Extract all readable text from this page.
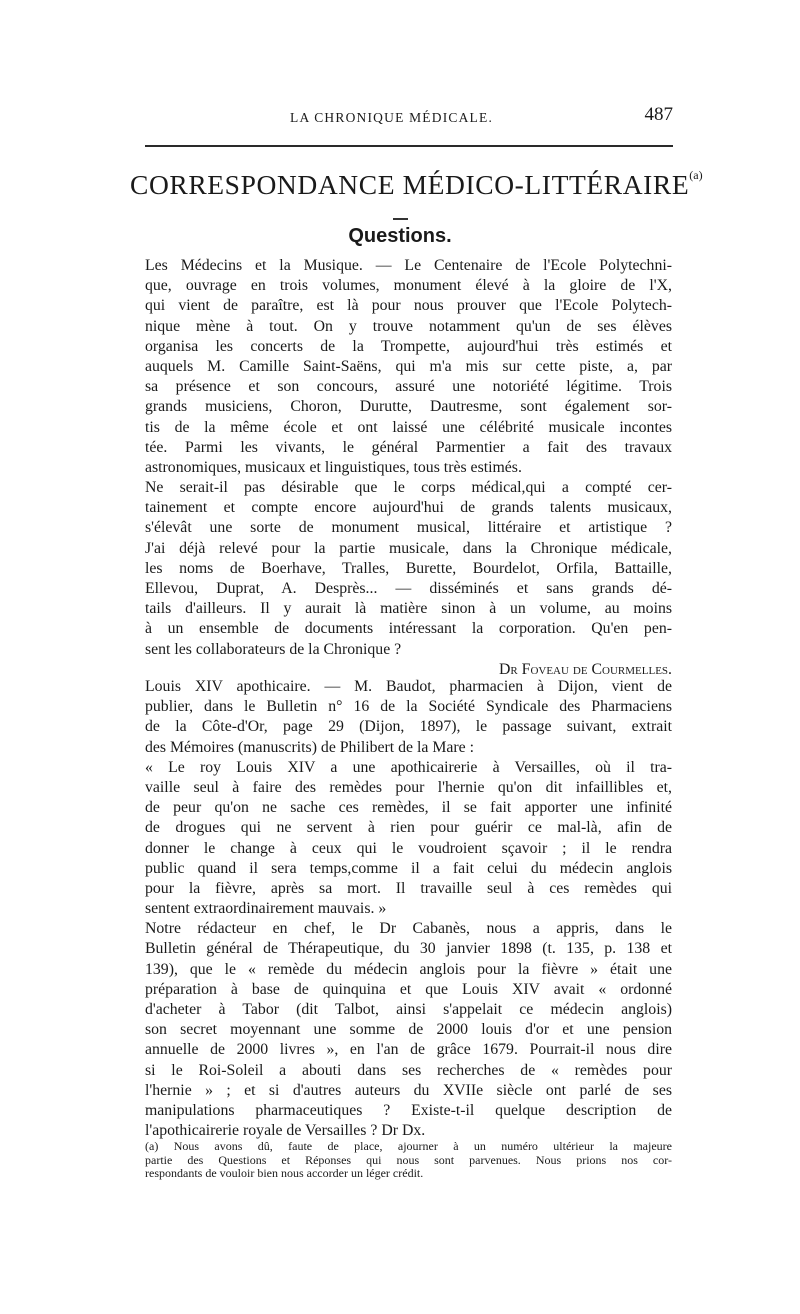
LA CHRONIQUE MÉDICALE.	487
CORRESPONDANCE MÉDICO-LITTÉRAIRE$^{(a)}$
Questions.
Les Médecins et la Musique. — Le Centenaire de l'Ecole Polytechni-
que, ouvrage en trois volumes, monument élevé à la gloire de l'X,
qui vient de paraître, est là pour nous prouver que l'Ecole Polytech-
nique mène à tout. On y trouve notamment qu'un de ses élèves
organisa les concerts de la Trompette, aujourd'hui très estimés et
auquels M. Camille Saint-Saëns, qui m'a mis sur cette piste, a, par
sa présence et son concours, assuré une notoriété légitime. Trois
grands musiciens, Choron, Durutte, Dautresme, sont également sor-
tis de la même école et ont laissé une célébrité musicale incontes
tée. Parmi les vivants, le général Parmentier a fait des travaux
astronomiques, musicaux et linguistiques, tous très estimés.
Ne serait-il pas désirable que le corps médical,qui a compté cer-
tainement et compte encore aujourd'hui de grands talents musicaux,
s'élevât une sorte de monument musical, littéraire et artistique ?
J'ai déjà relevé pour la partie musicale, dans la Chronique médicale,
les noms de Boerhave, Tralles, Burette, Bourdelot, Orfila, Battaille,
Ellevou, Duprat, A. Desprès... — disséminés et sans grands dé-
tails d'ailleurs. Il y aurait là matière sinon à un volume, au moins
à un ensemble de documents intéressant la corporation. Qu'en pen-
sent les collaborateurs de la Chronique ?
Dr Foveau de Courmelles.
Louis XIV apothicaire. — M. Baudot, pharmacien à Dijon, vient de
publier, dans le Bulletin n° 16 de la Société Syndicale des Pharmaciens
de la Côte-d'Or, page 29 (Dijon, 1897), le passage suivant, extrait
des Mémoires (manuscrits) de Philibert de la Mare :
« Le roy Louis XIV a une apothicairerie à Versailles, où il tra-
vaille seul à faire des remèdes pour l'hernie qu'on dit infaillibles et,
de peur qu'on ne sache ces remèdes, il se fait apporter une infinité
de drogues qui ne servent à rien pour guérir ce mal-là, afin de
donner le change à ceux qui le voudroient sçavoir ; il le rendra
public quand il sera temps,comme il a fait celui du médecin anglois
pour la fièvre, après sa mort. Il travaille seul à ces remèdes qui
sentent extraordinairement mauvais. »
Notre rédacteur en chef, le Dr Cabanès, nous a appris, dans le
Bulletin général de Thérapeutique, du 30 janvier 1898 (t. 135, p. 138 et
139), que le « remède du médecin anglois pour la fièvre » était une
préparation à base de quinquina et que Louis XIV avait « ordonné
d'acheter à Tabor (dit Talbot, ainsi s'appelait ce médecin anglois)
son secret moyennant une somme de 2000 louis d'or et une pension
annuelle de 2000 livres », en l'an de grâce 1679. Pourrait-il nous dire
si le Roi-Soleil a abouti dans ses recherches de « remèdes pour
l'hernie » ; et si d'autres auteurs du XVIIe siècle ont parlé de ses
manipulations pharmaceutiques ? Existe-t-il quelque description de
l'apothicairerie royale de Versailles ? Dr Dx.
(a) Nous avons dû, faute de place, ajourner à un numéro ultérieur la majeure
partie des Questions et Réponses qui nous sont parvenues. Nous prions nos cor-
respondants de vouloir bien nous accorder un léger crédit.
